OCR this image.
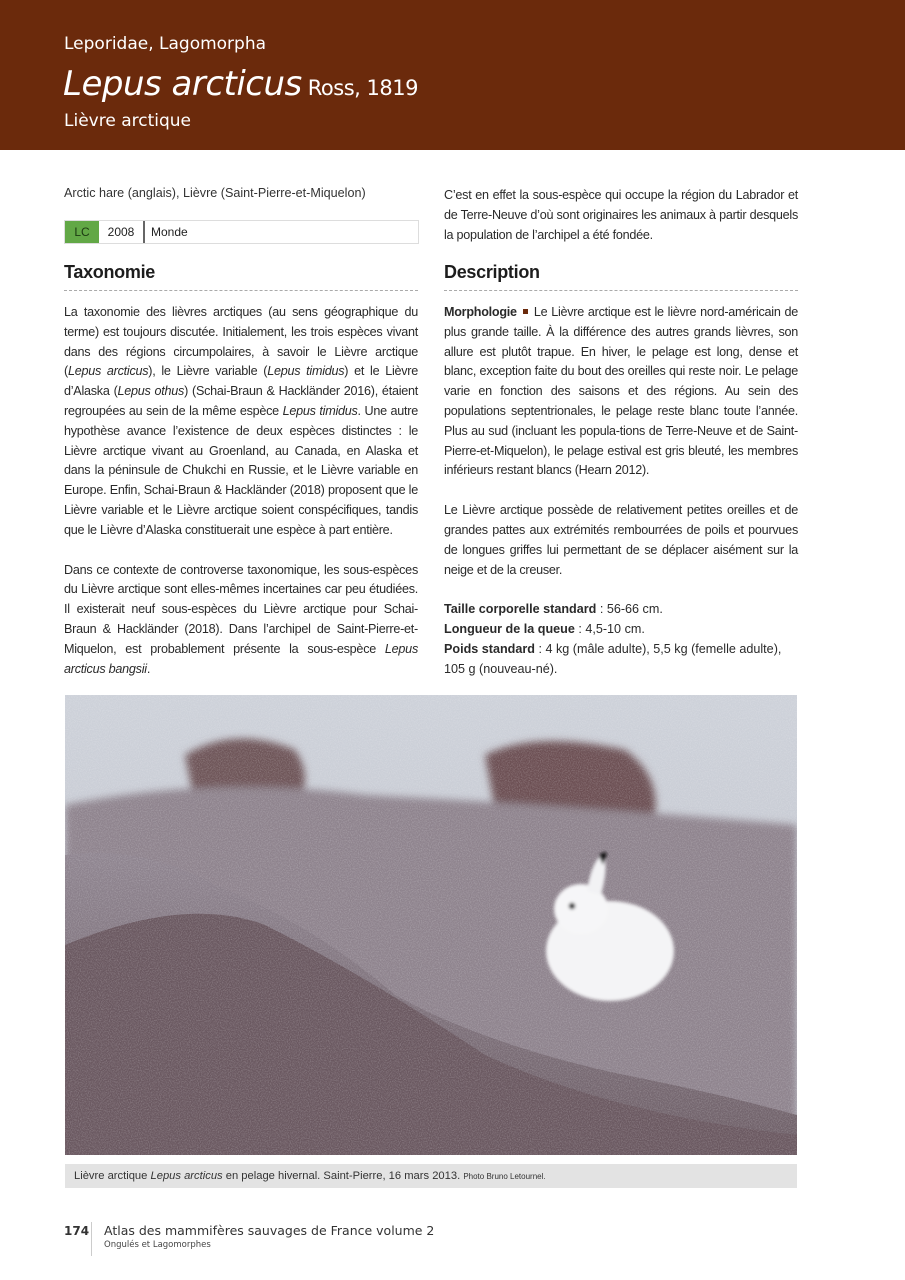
Leporidae, Lagomorpha
Lepus arcticus Ross, 1819
Lièvre arctique
Arctic hare (anglais), Lièvre (Saint-Pierre-et-Miquelon)
LC	2008	Monde
Taxonomie

La taxonomie des lièvres arctiques (au sens géographique du terme) est toujours discutée. Initialement, les trois espèces vivant dans des régions circumpolaires, à savoir le Lièvre arctique (Lepus arcticus), le Lièvre variable (Lepus timidus) et le Lièvre d’Alaska (Lepus othus) (Schai-Braun & Hackländer 2016), étaient regroupées au sein de la même espèce Lepus timidus. Une autre hypothèse avance l’existence de deux espèces distinctes : le Lièvre arctique vivant au Groenland, au Canada, en Alaska et dans la péninsule de Chukchi en Russie, et le Lièvre variable en Europe. Enfin, Schai-Braun & Hackländer (2018) proposent que le Lièvre variable et le Lièvre arctique soient conspécifiques, tandis que le Lièvre d’Alaska constituerait une espèce à part entière.

Dans ce contexte de controverse taxonomique, les sous-espèces du Lièvre arctique sont elles-mêmes incertaines car peu étudiées. Il existerait neuf sous-espèces du Lièvre arctique pour Schai-Braun & Hackländer (2018). Dans l’archipel de Saint-Pierre-et-Miquelon, est probablement présente la sous-espèce Lepus arcticus bangsii.

C’est en effet la sous-espèce qui occupe la région du Labrador et de Terre-Neuve d’où sont originaires les animaux à partir desquels la population de l’archipel a été fondée.

Description

Morphologie Le Lièvre arctique est le lièvre nord-américain de plus grande taille. À la différence des autres grands lièvres, son allure est plutôt trapue. En hiver, le pelage est long, dense et blanc, exception faite du bout des oreilles qui reste noir. Le pelage varie en fonction des saisons et des régions. Au sein des populations septentrionales, le pelage reste blanc toute l’année. Plus au sud (incluant les popula-tions de Terre-Neuve et de Saint-Pierre-et-Miquelon), le pelage estival est gris bleuté, les membres inférieurs restant blancs (Hearn 2012).

Le Lièvre arctique possède de relativement petites oreilles et de grandes pattes aux extrémités rembourrées de poils et pourvues de longues griffes lui permettant de se déplacer aisément sur la neige et de la creuser.

Taille corporelle standard : 56-66 cm.
Longueur de la queue : 4,5-10 cm.
Poids standard : 4 kg (mâle adulte), 5,5 kg (femelle adulte), 105 g (nouveau-né).
Lièvre arctique Lepus arcticus en pelage hivernal. Saint-Pierre, 16 mars 2013. Photo Bruno Letournel.
174 Atlas des mammifères sauvages de France volume 2
Ongulés et Lagomorphes
